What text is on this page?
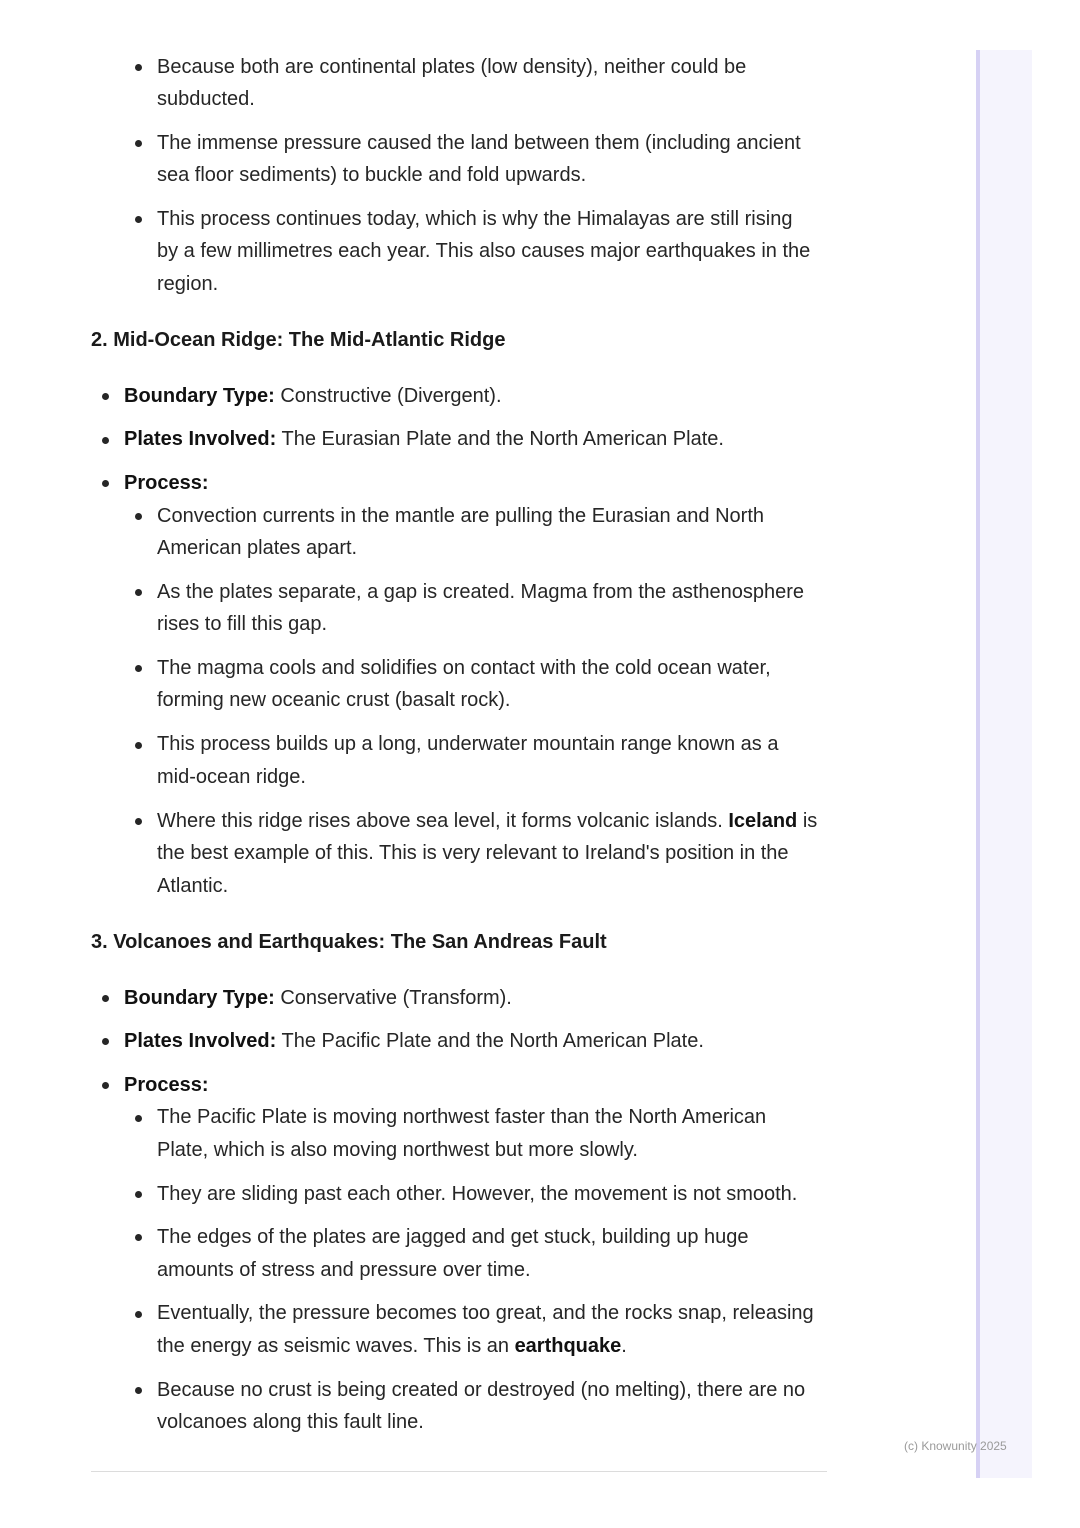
Because both are continental plates (low density), neither could be
subducted.
The immense pressure caused the land between them (including ancient
sea floor sediments) to buckle and fold upwards.
This process continues today, which is why the Himalayas are still rising
by a few millimetres each year. This also causes major earthquakes in the
region.
2. Mid-Ocean Ridge: The Mid-Atlantic Ridge
Boundary Type: Constructive (Divergent).
Plates Involved: The Eurasian Plate and the North American Plate.
Process:
Convection currents in the mantle are pulling the Eurasian and North
American plates apart.
As the plates separate, a gap is created. Magma from the asthenosphere
rises to fill this gap.
The magma cools and solidifies on contact with the cold ocean water,
forming new oceanic crust (basalt rock).
This process builds up a long, underwater mountain range known as a
mid-ocean ridge.
Where this ridge rises above sea level, it forms volcanic islands. Iceland is
the best example of this. This is very relevant to Ireland's position in the
Atlantic.
3. Volcanoes and Earthquakes: The San Andreas Fault
Boundary Type: Conservative (Transform).
Plates Involved: The Pacific Plate and the North American Plate.
Process:
The Pacific Plate is moving northwest faster than the North American
Plate, which is also moving northwest but more slowly.
They are sliding past each other. However, the movement is not smooth.
The edges of the plates are jagged and get stuck, building up huge
amounts of stress and pressure over time.
Eventually, the pressure becomes too great, and the rocks snap, releasing
the energy as seismic waves. This is an earthquake.
Because no crust is being created or destroyed (no melting), there are no
volcanoes along this fault line.
(c) Knowunity 2025
